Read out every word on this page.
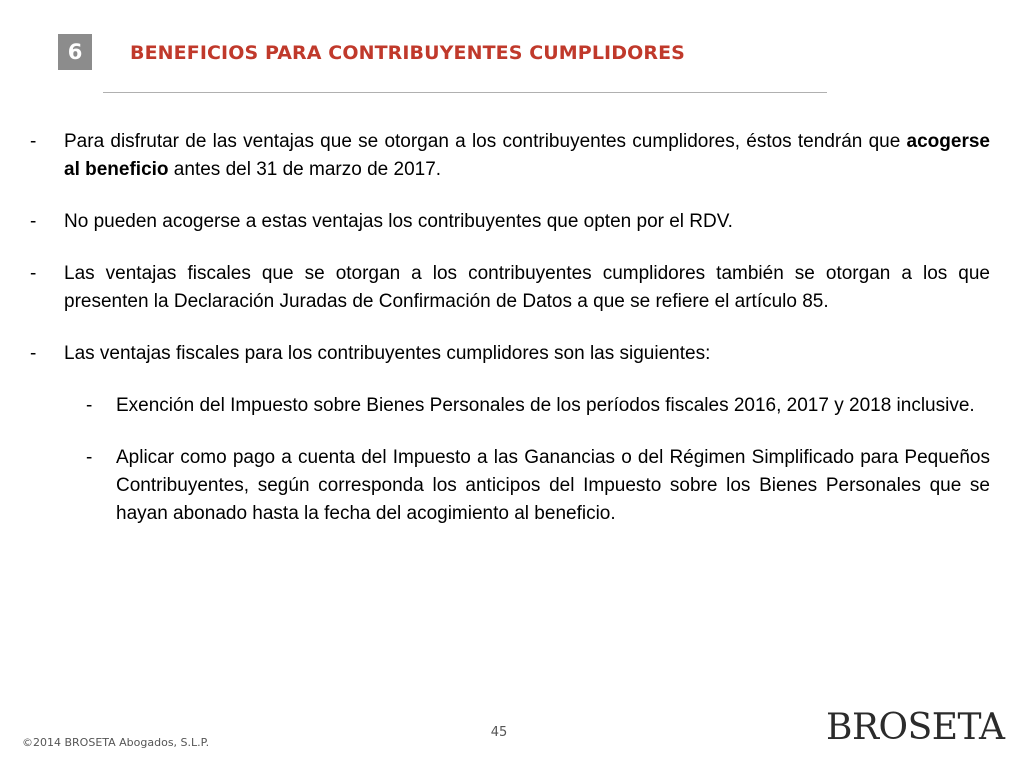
6	BENEFICIOS PARA CONTRIBUYENTES CUMPLIDORES

- Para disfrutar de las ventajas que se otorgan a los contribuyentes cumplidores, éstos tendrán que acogerse al beneficio antes del 31 de marzo de 2017.

- No pueden acogerse a estas ventajas los contribuyentes que opten por el RDV.

- Las ventajas fiscales que se otorgan a los contribuyentes cumplidores también se otorgan a los que presenten la Declaración Juradas de Confirmación de Datos a que se refiere el artículo 85.

- Las ventajas fiscales para los contribuyentes cumplidores son las siguientes:

- Exención del Impuesto sobre Bienes Personales de los períodos fiscales 2016, 2017 y 2018 inclusive.

- Aplicar como pago a cuenta del Impuesto a las Ganancias o del Régimen Simplificado para Pequeños Contribuyentes, según corresponda los anticipos del Impuesto sobre los Bienes Personales que se hayan abonado hasta la fecha del acogimiento al beneficio.

45
©2014 BROSETA Abogados, S.L.P.	BROSETA
